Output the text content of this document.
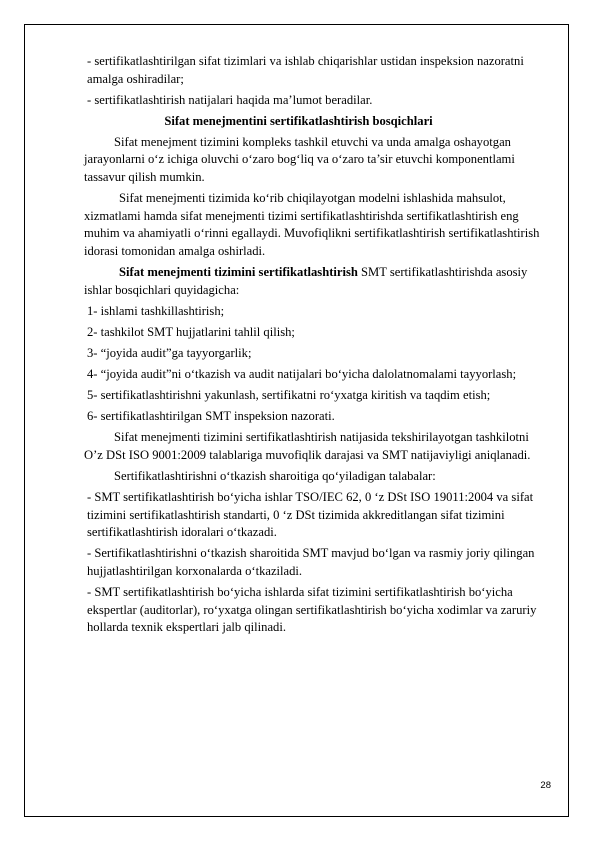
- sertifikatlashtirilgan sifat tizimlari va ishlab chiqarishlar ustidan inspeksion nazoratni amalga oshiradilar;

- sertifikatlashtirish natijalari haqida ma’lumot beradilar.

Sifat menejmentini sertifikatlashtirish bosqichlari

Sifat menejment tizimini kompleks tashkil etuvchi va unda amalga oshayotgan jarayonlarni o‘z ichiga oluvchi o‘zaro bog‘liq va o‘zaro ta’sir etuvchi komponentlami tassavur qilish mumkin.

Sifat menejmenti tizimida ko‘rib chiqilayotgan modelni ishlashida mahsulot, xizmatlami hamda sifat menejmenti tizimi sertifikatlashtirishda sertifikatlashtirish eng muhim va ahamiyatli o‘rinni egallaydi. Muvofiqlikni sertifikatlashtirish sertifikatlashtirish idorasi tomonidan amalga oshirladi.

Sifat menejmenti tizimini sertifikatlashtirish SMT sertifikatlashtirishda asosiy ishlar bosqichlari quyidagicha:

1- ishlami tashkillashtirish;

2- tashkilot SMT hujjatlarini tahlil qilish;

3- “joyida audit”ga tayyorgarlik;

4- “joyida audit”ni o‘tkazish va audit natijalari bo‘yicha dalolatnomalami tayyorlash;

5- sertifikatlashtirishni yakunlash, sertifikatni ro‘yxatga kiritish va taqdim etish;

6- sertifikatlashtirilgan SMT inspeksion nazorati.

Sifat menejmenti tizimini sertifikatlashtirish natijasida tekshirilayotgan tashkilotni O’z DSt ISO 9001:2009 talablariga muvofiqlik darajasi va SMT natijaviyligi aniqlanadi.

Sertifikatlashtirishni o‘tkazish sharoitiga qo‘yiladigan talabalar:

- SMT sertifikatlashtirish bo‘yicha ishlar TSO/IEC 62, 0 ‘z DSt ISO 19011:2004 va sifat tizimini sertifikatlashtirish standarti, 0 ‘z DSt tizimida akkreditlangan sifat tizimini sertifikatlashtirish idoralari o‘tkazadi.

- Sertifikatlashtirishni o‘tkazish sharoitida SMT mavjud bo‘lgan va rasmiy joriy qilingan hujjatlashtirilgan korxonalarda o‘tkaziladi.

- SMT sertifikatlashtirish bo‘yicha ishlarda sifat tizimini sertifikatlashtirish bo‘yicha ekspertlar (auditorlar), ro‘yxatga olingan sertifikatlashtirish bo‘yicha xodimlar va zaruriy hollarda texnik ekspertlari jalb qilinadi.

28
